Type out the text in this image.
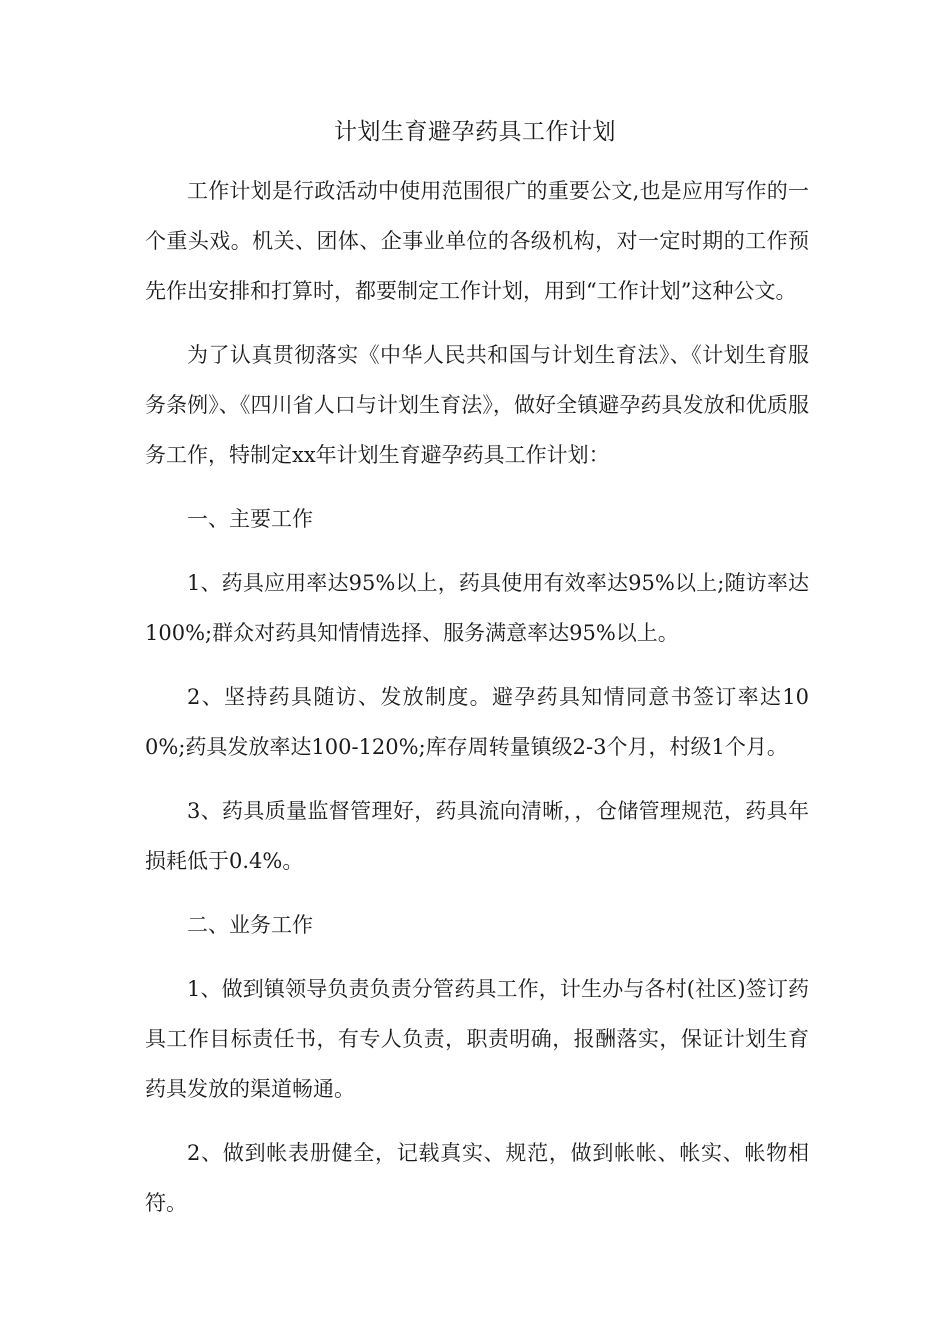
计划生育避孕药具工作计划

工作计划是行政活动中使用范围很广的重要公文,也是应用写作的一个重头戏。机关、团体、企事业单位的各级机构，对一定时期的工作预先作出安排和打算时，都要制定工作计划，用到“工作计划”这种公文。

为了认真贯彻落实《中华人民共和国与计划生育法》、《计划生育服务条例》、《四川省人口与计划生育法》，做好全镇避孕药具发放和优质服务工作，特制定xx年计划生育避孕药具工作计划：

一、主要工作

1、药具应用率达95%以上，药具使用有效率达95%以上;随访率达100%;群众对药具知情情选择、服务满意率达95%以上。

2、坚持药具随访、发放制度。避孕药具知情同意书签订率达100%;药具发放率达100-120%;库存周转量镇级2-3个月，村级1个月。

3、药具质量监督管理好，药具流向清晰，，仓储管理规范，药具年损耗低于0.4%。

二、业务工作

1、做到镇领导负责负责分管药具工作，计生办与各村(社区)签订药具工作目标责任书，有专人负责，职责明确，报酬落实，保证计划生育药具发放的渠道畅通。

2、做到帐表册健全，记载真实、规范，做到帐帐、帐实、帐物相符。
